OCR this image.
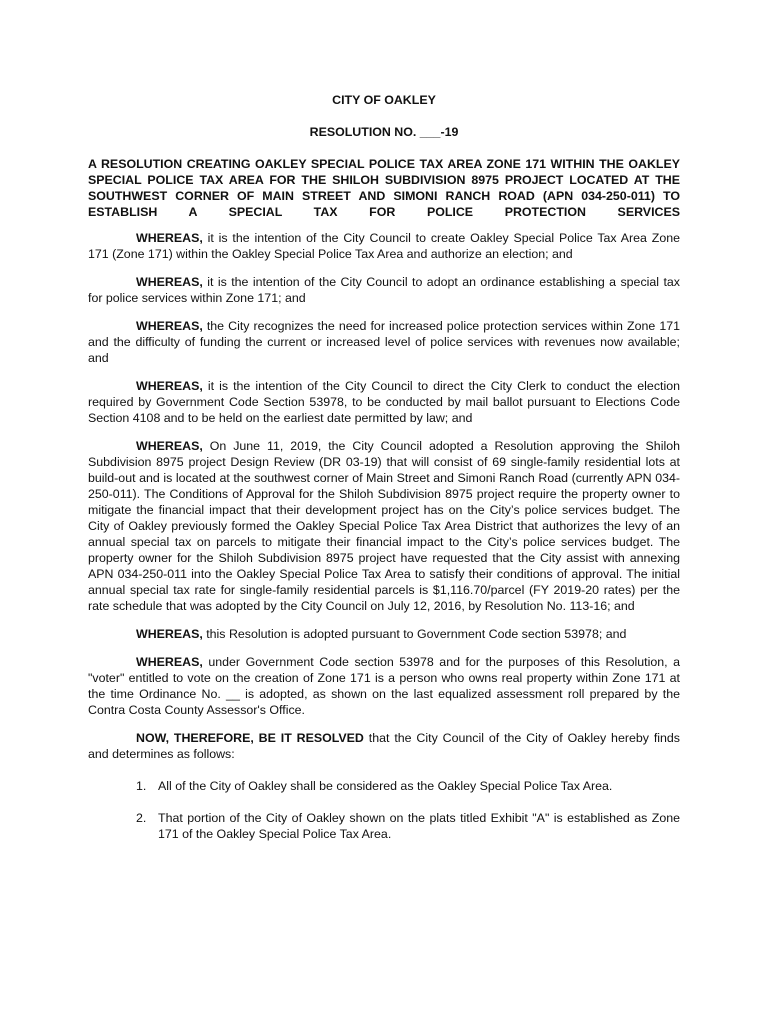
CITY OF OAKLEY
RESOLUTION NO. ___-19
A RESOLUTION CREATING OAKLEY SPECIAL POLICE TAX AREA ZONE 171 WITHIN THE OAKLEY SPECIAL POLICE TAX AREA FOR THE SHILOH SUBDIVISION 8975 PROJECT LOCATED AT THE SOUTHWEST CORNER OF MAIN STREET AND SIMONI RANCH ROAD (APN 034-250-011) TO ESTABLISH A SPECIAL TAX FOR POLICE PROTECTION SERVICES

WHEREAS, it is the intention of the City Council to create Oakley Special Police Tax Area Zone 171 (Zone 171) within the Oakley Special Police Tax Area and authorize an election; and

WHEREAS, it is the intention of the City Council to adopt an ordinance establishing a special tax for police services within Zone 171; and

WHEREAS, the City recognizes the need for increased police protection services within Zone 171 and the difficulty of funding the current or increased level of police services with revenues now available; and

WHEREAS, it is the intention of the City Council to direct the City Clerk to conduct the election required by Government Code Section 53978, to be conducted by mail ballot pursuant to Elections Code Section 4108 and to be held on the earliest date permitted by law; and

WHEREAS, On June 11, 2019, the City Council adopted a Resolution approving the Shiloh Subdivision 8975 project Design Review (DR 03-19) that will consist of 69 single-family residential lots at build-out and is located at the southwest corner of Main Street and Simoni Ranch Road (currently APN 034-250-011). The Conditions of Approval for the Shiloh Subdivision 8975 project require the property owner to mitigate the financial impact that their development project has on the City’s police services budget. The City of Oakley previously formed the Oakley Special Police Tax Area District that authorizes the levy of an annual special tax on parcels to mitigate their financial impact to the City’s police services budget. The property owner for the Shiloh Subdivision 8975 project have requested that the City assist with annexing APN 034-250-011 into the Oakley Special Police Tax Area to satisfy their conditions of approval. The initial annual special tax rate for single-family residential parcels is $1,116.70/parcel (FY 2019-20 rates) per the rate schedule that was adopted by the City Council on July 12, 2016, by Resolution No. 113-16; and

WHEREAS, this Resolution is adopted pursuant to Government Code section 53978; and

WHEREAS, under Government Code section 53978 and for the purposes of this Resolution, a "voter" entitled to vote on the creation of Zone 171 is a person who owns real property within Zone 171 at the time Ordinance No. __ is adopted, as shown on the last equalized assessment roll prepared by the Contra Costa County Assessor's Office.

NOW, THEREFORE, BE IT RESOLVED that the City Council of the City of Oakley hereby finds and determines as follows:

1. All of the City of Oakley shall be considered as the Oakley Special Police Tax Area.
2. That portion of the City of Oakley shown on the plats titled Exhibit "A" is established as Zone 171 of the Oakley Special Police Tax Area.
